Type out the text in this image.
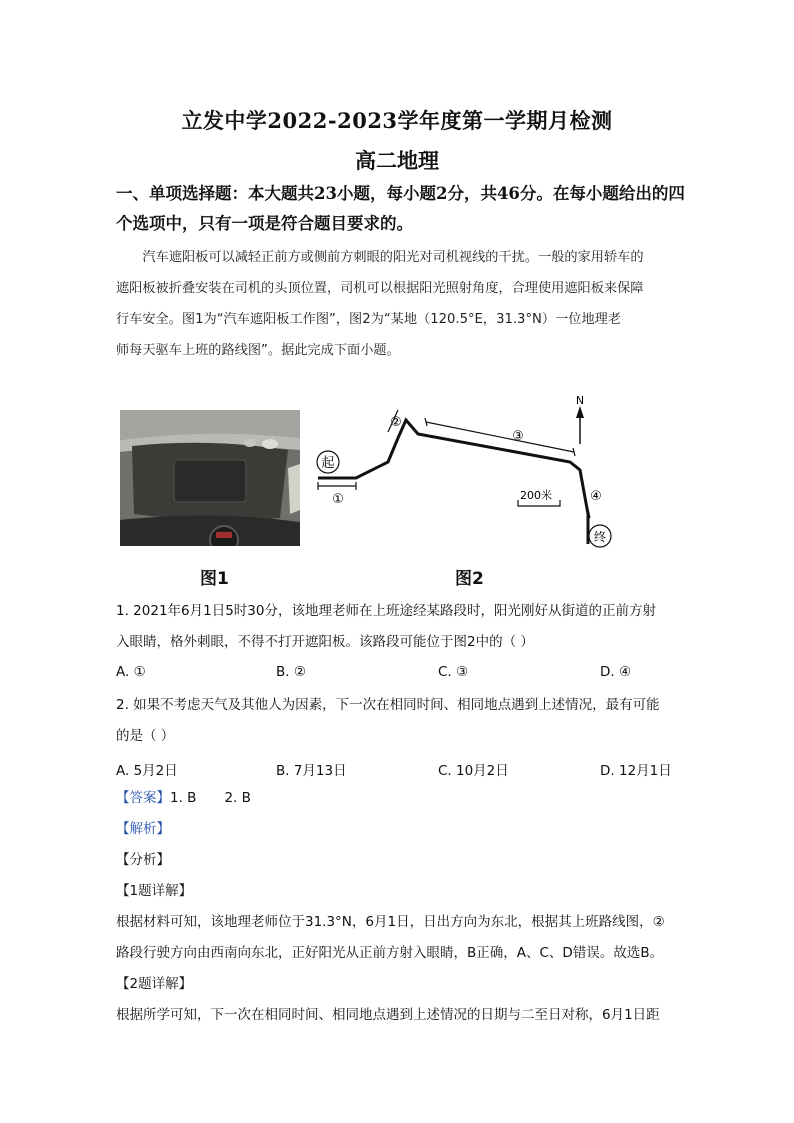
立发中学2022-2023学年度第一学期月检测
高二地理
一、单项选择题：本大题共23小题，每小题2分，共46分。在每小题给出的四
个选项中，只有一项是符合题目要求的。
汽车遮阳板可以减轻正前方或侧前方刺眼的阳光对司机视线的干扰。一般的家用轿车的
遮阳板被折叠安装在司机的头顶位置，司机可以根据阳光照射角度，合理使用遮阳板来保障
行车安全。图1为“汽车遮阳板工作图”，图2为“某地（120.5°E，31.3°N）一位地理老
师每天驱车上班的路线图”。据此完成下面小题。
起
终
N
200米
①
②
③
④
图1	图2
1. 2021年6月1日5时30分，该地理老师在上班途经某路段时，阳光刚好从街道的正前方射
入眼睛，格外刺眼，不得不打开遮阳板。该路段可能位于图2中的（ ）
A. ①	B. ②	C. ③	D. ④
2. 如果不考虑天气及其他人为因素，下一次在相同时间、相同地点遇到上述情况，最有可能
的是（ ）
A. 5月2日	B. 7月13日	C. 10月2日	D. 12月1日
【答案】1. B 2. B
【解析】
【分析】
【1题详解】
根据材料可知，该地理老师位于31.3°N，6月1日，日出方向为东北，根据其上班路线图，②
路段行驶方向由西南向东北，正好阳光从正前方射入眼睛，B正确，A、C、D错误。故选B。
【2题详解】
根据所学可知，下一次在相同时间、相同地点遇到上述情况的日期与二至日对称，6月1日距
